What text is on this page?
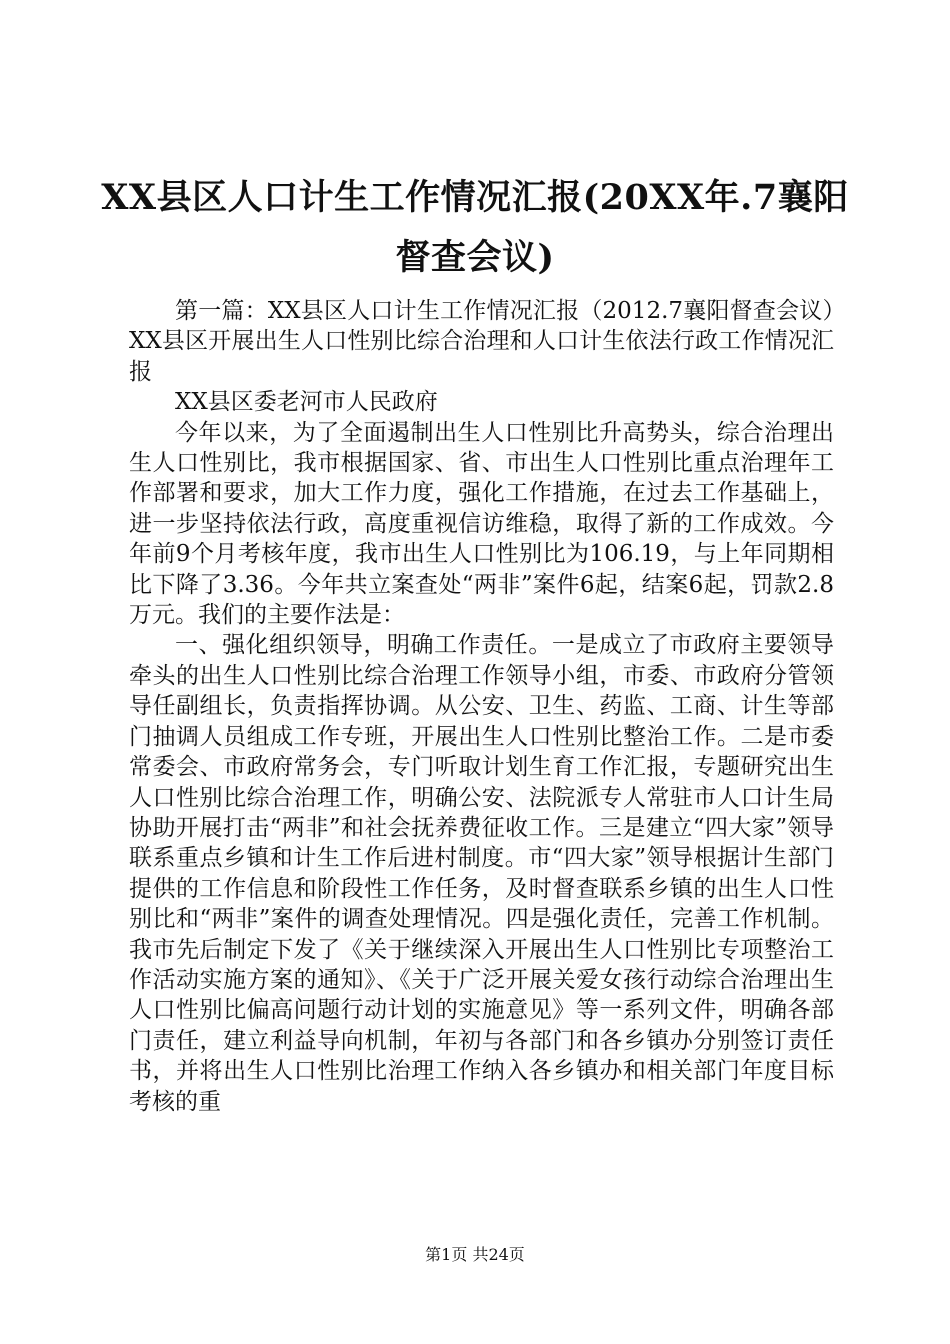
XX县区人口计生工作情况汇报(20XX年.7襄阳
督查会议)

第一篇：XX县区人口计生工作情况汇报（2012.7襄阳督查会议）XX县区开展出生人口性别比综合治理和人口计生依法行政工作情况汇报

XX县区委老河市人民政府

今年以来，为了全面遏制出生人口性别比升高势头，综合治理出生人口性别比，我市根据国家、省、市出生人口性别比重点治理年工作部署和要求，加大工作力度，强化工作措施，在过去工作基础上，进一步坚持依法行政，高度重视信访维稳，取得了新的工作成效。今年前9个月考核年度，我市出生人口性别比为106.19，与上年同期相比下降了3.36。今年共立案查处“两非”案件6起，结案6起，罚款2.8万元。我们的主要作法是：

一、强化组织领导，明确工作责任。一是成立了市政府主要领导牵头的出生人口性别比综合治理工作领导小组，市委、市政府分管领导任副组长，负责指挥协调。从公安、卫生、药监、工商、计生等部门抽调人员组成工作专班，开展出生人口性别比整治工作。二是市委常委会、市政府常务会，专门听取计划生育工作汇报，专题研究出生人口性别比综合治理工作，明确公安、法院派专人常驻市人口计生局协助开展打击“两非”和社会抚养费征收工作。三是建立“四大家”领导联系重点乡镇和计生工作后进村制度。市“四大家”领导根据计生部门提供的工作信息和阶段性工作任务，及时督查联系乡镇的出生人口性别比和“两非”案件的调查处理情况。四是强化责任，完善工作机制。我市先后制定下发了《关于继续深入开展出生人口性别比专项整治工作活动实施方案的通知》、《关于广泛开展关爱女孩行动综合治理出生人口性别比偏高问题行动计划的实施意见》等一系列文件，明确各部门责任，建立利益导向机制，年初与各部门和各乡镇办分别签订责任书，并将出生人口性别比治理工作纳入各乡镇办和相关部门年度目标考核的重

第1页 共24页
